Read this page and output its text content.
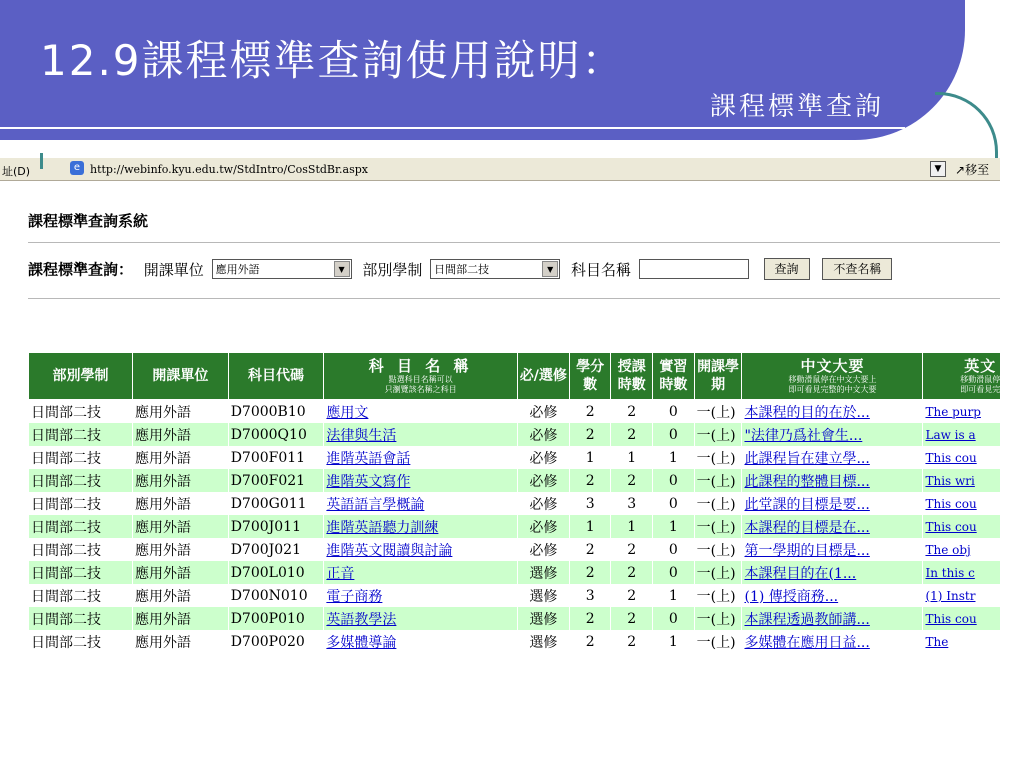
12.9課程標準查詢使用說明：
課程標準查詢
址(D)	e http://webinfo.kyu.edu.tw/StdIntro/CosStdBr.aspx	▼	↗移至
課程標準查詢系統
課程標準查詢： 開課單位 應用外語	▼	部別學制 日間部二技	▼	科目名稱	查詢	不查名稱
課程標準查詢 部別學制：日間部二技 開課單位：應用外語系										
部別學制	開課單位	科目代碼	科 目 名 稱
點選科目名稱可以
只瀏覽該名稱之科目	必/選修	學分數	授課時數	實習時數	開課學期	中文大要
移動滑鼠停在中文大要上
即可看見完整的中文大要	英文
移動滑鼠停
即可看見完

日間部二技	應用外語	D7000B10	應用文	必修	2	2	0	一(上)	本課程的目的在於...	The purp
日間部二技	應用外語	D7000Q10	法律與生活	必修	2	2	0	一(上)	"法律乃爲社會生...	Law is a
日間部二技	應用外語	D700F011	進階英語會話	必修	1	1	1	一(上)	此課程旨在建立學...	This cou
日間部二技	應用外語	D700F021	進階英文寫作	必修	2	2	0	一(上)	此課程的整體目標...	This wri
日間部二技	應用外語	D700G011	英語語言學概論	必修	3	3	0	一(上)	此堂課的目標是要...	This cou
日間部二技	應用外語	D700J011	進階英語聽力訓練	必修	1	1	1	一(上)	本課程的目標是在...	This cou
日間部二技	應用外語	D700J021	進階英文閱讀與討論	必修	2	2	0	一(上)	第一學期的目標是...	The obj
日間部二技	應用外語	D700L010	正音	選修	2	2	0	一(上)	本課程目的在(1...	In this c
日間部二技	應用外語	D700N010	電子商務	選修	3	2	1	一(上)	(1) 傳授商務...	(1) Instr
日間部二技	應用外語	D700P010	英語教學法	選修	2	2	0	一(上)	本課程透過教師講...	This cou
日間部二技	應用外語	D700P020	多媒體導論	選修	2	2	1	一(上)	多媒體在應用日益...	The
